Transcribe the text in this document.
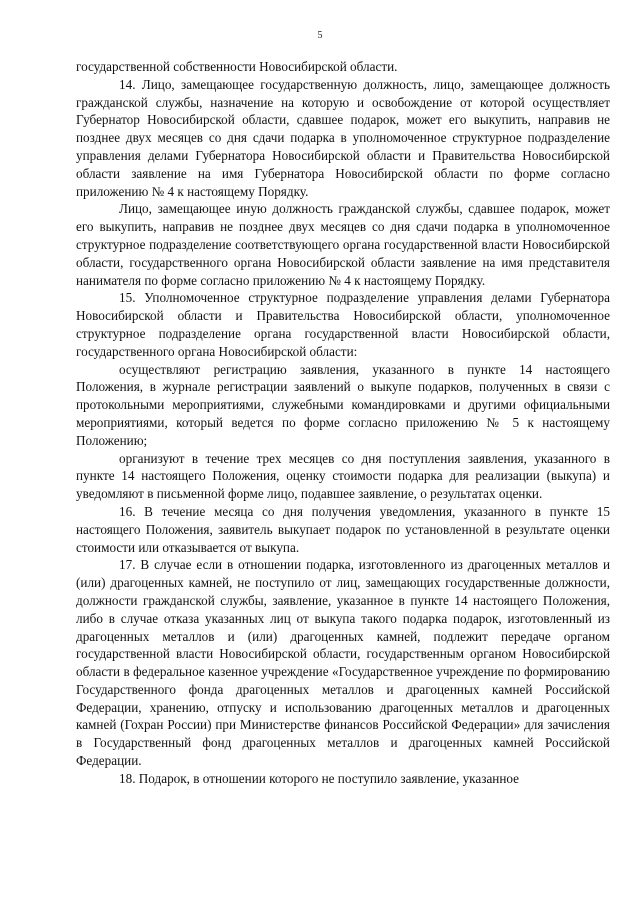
5

государственной собственности Новосибирской области.

14. Лицо, замещающее государственную должность, лицо, замещающее должность гражданской службы, назначение на которую и освобождение от которой осуществляет Губернатор Новосибирской области, сдавшее подарок, может его выкупить, направив не позднее двух месяцев со дня сдачи подарка в уполномоченное структурное подразделение управления делами Губернатора Новосибирской области и Правительства Новосибирской области заявление на имя Губернатора Новосибирской области по форме согласно приложению № 4 к настоящему Порядку.

Лицо, замещающее иную должность гражданской службы, сдавшее подарок, может его выкупить, направив не позднее двух месяцев со дня сдачи подарка в уполномоченное структурное подразделение соответствующего органа государственной власти Новосибирской области, государственного органа Новосибирской области заявление на имя представителя нанимателя по форме согласно приложению № 4 к настоящему Порядку.

15. Уполномоченное структурное подразделение управления делами Губернатора Новосибирской области и Правительства Новосибирской области, уполномоченное структурное подразделение органа государственной власти Новосибирской области, государственного органа Новосибирской области:

осуществляют регистрацию заявления, указанного в пункте 14 настоящего Положения, в журнале регистрации заявлений о выкупе подарков, полученных в связи с протокольными мероприятиями, служебными командировками и другими официальными мероприятиями, который ведется по форме согласно приложению № 5 к настоящему Положению;

организуют в течение трех месяцев со дня поступления заявления, указанного в пункте 14 настоящего Положения, оценку стоимости подарка для реализации (выкупа) и уведомляют в письменной форме лицо, подавшее заявление, о результатах оценки.

16. В течение месяца со дня получения уведомления, указанного в пункте 15 настоящего Положения, заявитель выкупает подарок по установленной в результате оценки стоимости или отказывается от выкупа.

17. В случае если в отношении подарка, изготовленного из драгоценных металлов и (или) драгоценных камней, не поступило от лиц, замещающих государственные должности, должности гражданской службы, заявление, указанное в пункте 14 настоящего Положения, либо в случае отказа указанных лиц от выкупа такого подарка подарок, изготовленный из драгоценных металлов и (или) драгоценных камней, подлежит передаче органом государственной власти Новосибирской области, государственным органом Новосибирской области в федеральное казенное учреждение «Государственное учреждение по формированию Государственного фонда драгоценных металлов и драгоценных камней Российской Федерации, хранению, отпуску и использованию драгоценных металлов и драгоценных камней (Гохран России) при Министерстве финансов Российской Федерации» для зачисления в Государственный фонд драгоценных металлов и драгоценных камней Российской Федерации.

18. Подарок, в отношении которого не поступило заявление, указанное
